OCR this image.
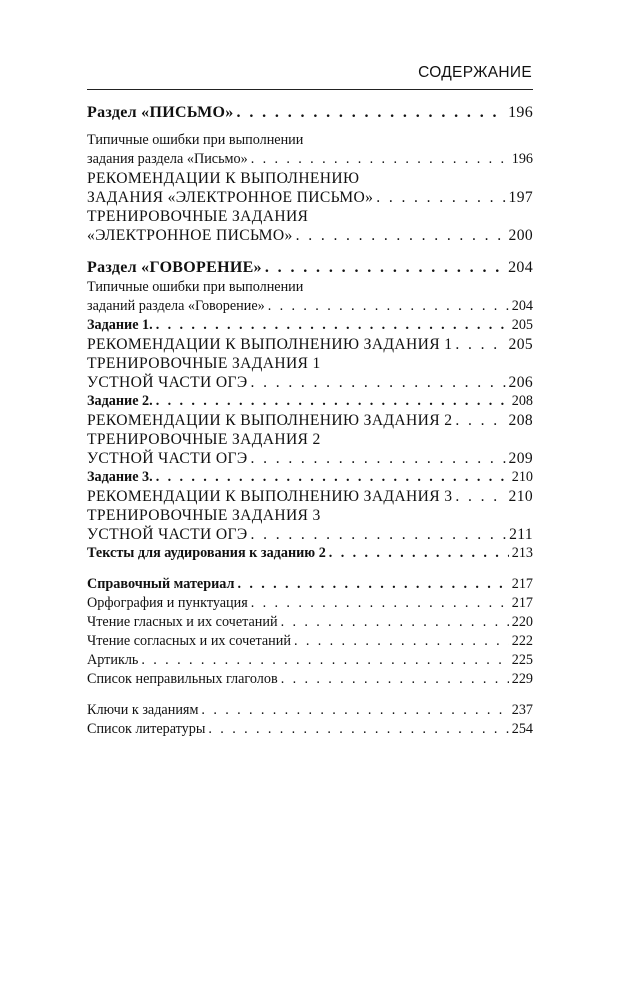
СОДЕРЖАНИЕ
Раздел «ПИСЬМО» . . .	196
Типичные ошибки при выполнении
задания раздела «Письмо» . . .	196
РЕКОМЕНДАЦИИ К ВЫПОЛНЕНИЮ
ЗАДАНИЯ «ЭЛЕКТРОННОЕ ПИСЬМО» . . .	197
ТРЕНИРОВОЧНЫЕ ЗАДАНИЯ
«ЭЛЕКТРОННОЕ ПИСЬМО» . . .	200
Раздел «ГОВОРЕНИЕ» . . .	204
Типичные ошибки при выполнении
заданий раздела «Говорение» . . .	204
Задание 1. . . .	205
РЕКОМЕНДАЦИИ К ВЫПОЛНЕНИЮ ЗАДАНИЯ 1 . . .	205
ТРЕНИРОВОЧНЫЕ ЗАДАНИЯ 1
УСТНОЙ ЧАСТИ ОГЭ . . .	206
Задание 2. . . .	208
РЕКОМЕНДАЦИИ К ВЫПОЛНЕНИЮ ЗАДАНИЯ 2 . . .	208
ТРЕНИРОВОЧНЫЕ ЗАДАНИЯ 2
УСТНОЙ ЧАСТИ ОГЭ . . .	209
Задание 3. . . .	210
РЕКОМЕНДАЦИИ К ВЫПОЛНЕНИЮ ЗАДАНИЯ 3 . . .	210
ТРЕНИРОВОЧНЫЕ ЗАДАНИЯ 3
УСТНОЙ ЧАСТИ ОГЭ . . .	211
Тексты для аудирования к заданию 2 . . .	213
Справочный материал . . .	217
Орфография и пунктуация . . .	217
Чтение гласных и их сочетаний . . .	220
Чтение согласных и их сочетаний . . .	222
Артикль . . .	225
Список неправильных глаголов . . .	229
Ключи к заданиям . . .	237
Список литературы . . .	254
